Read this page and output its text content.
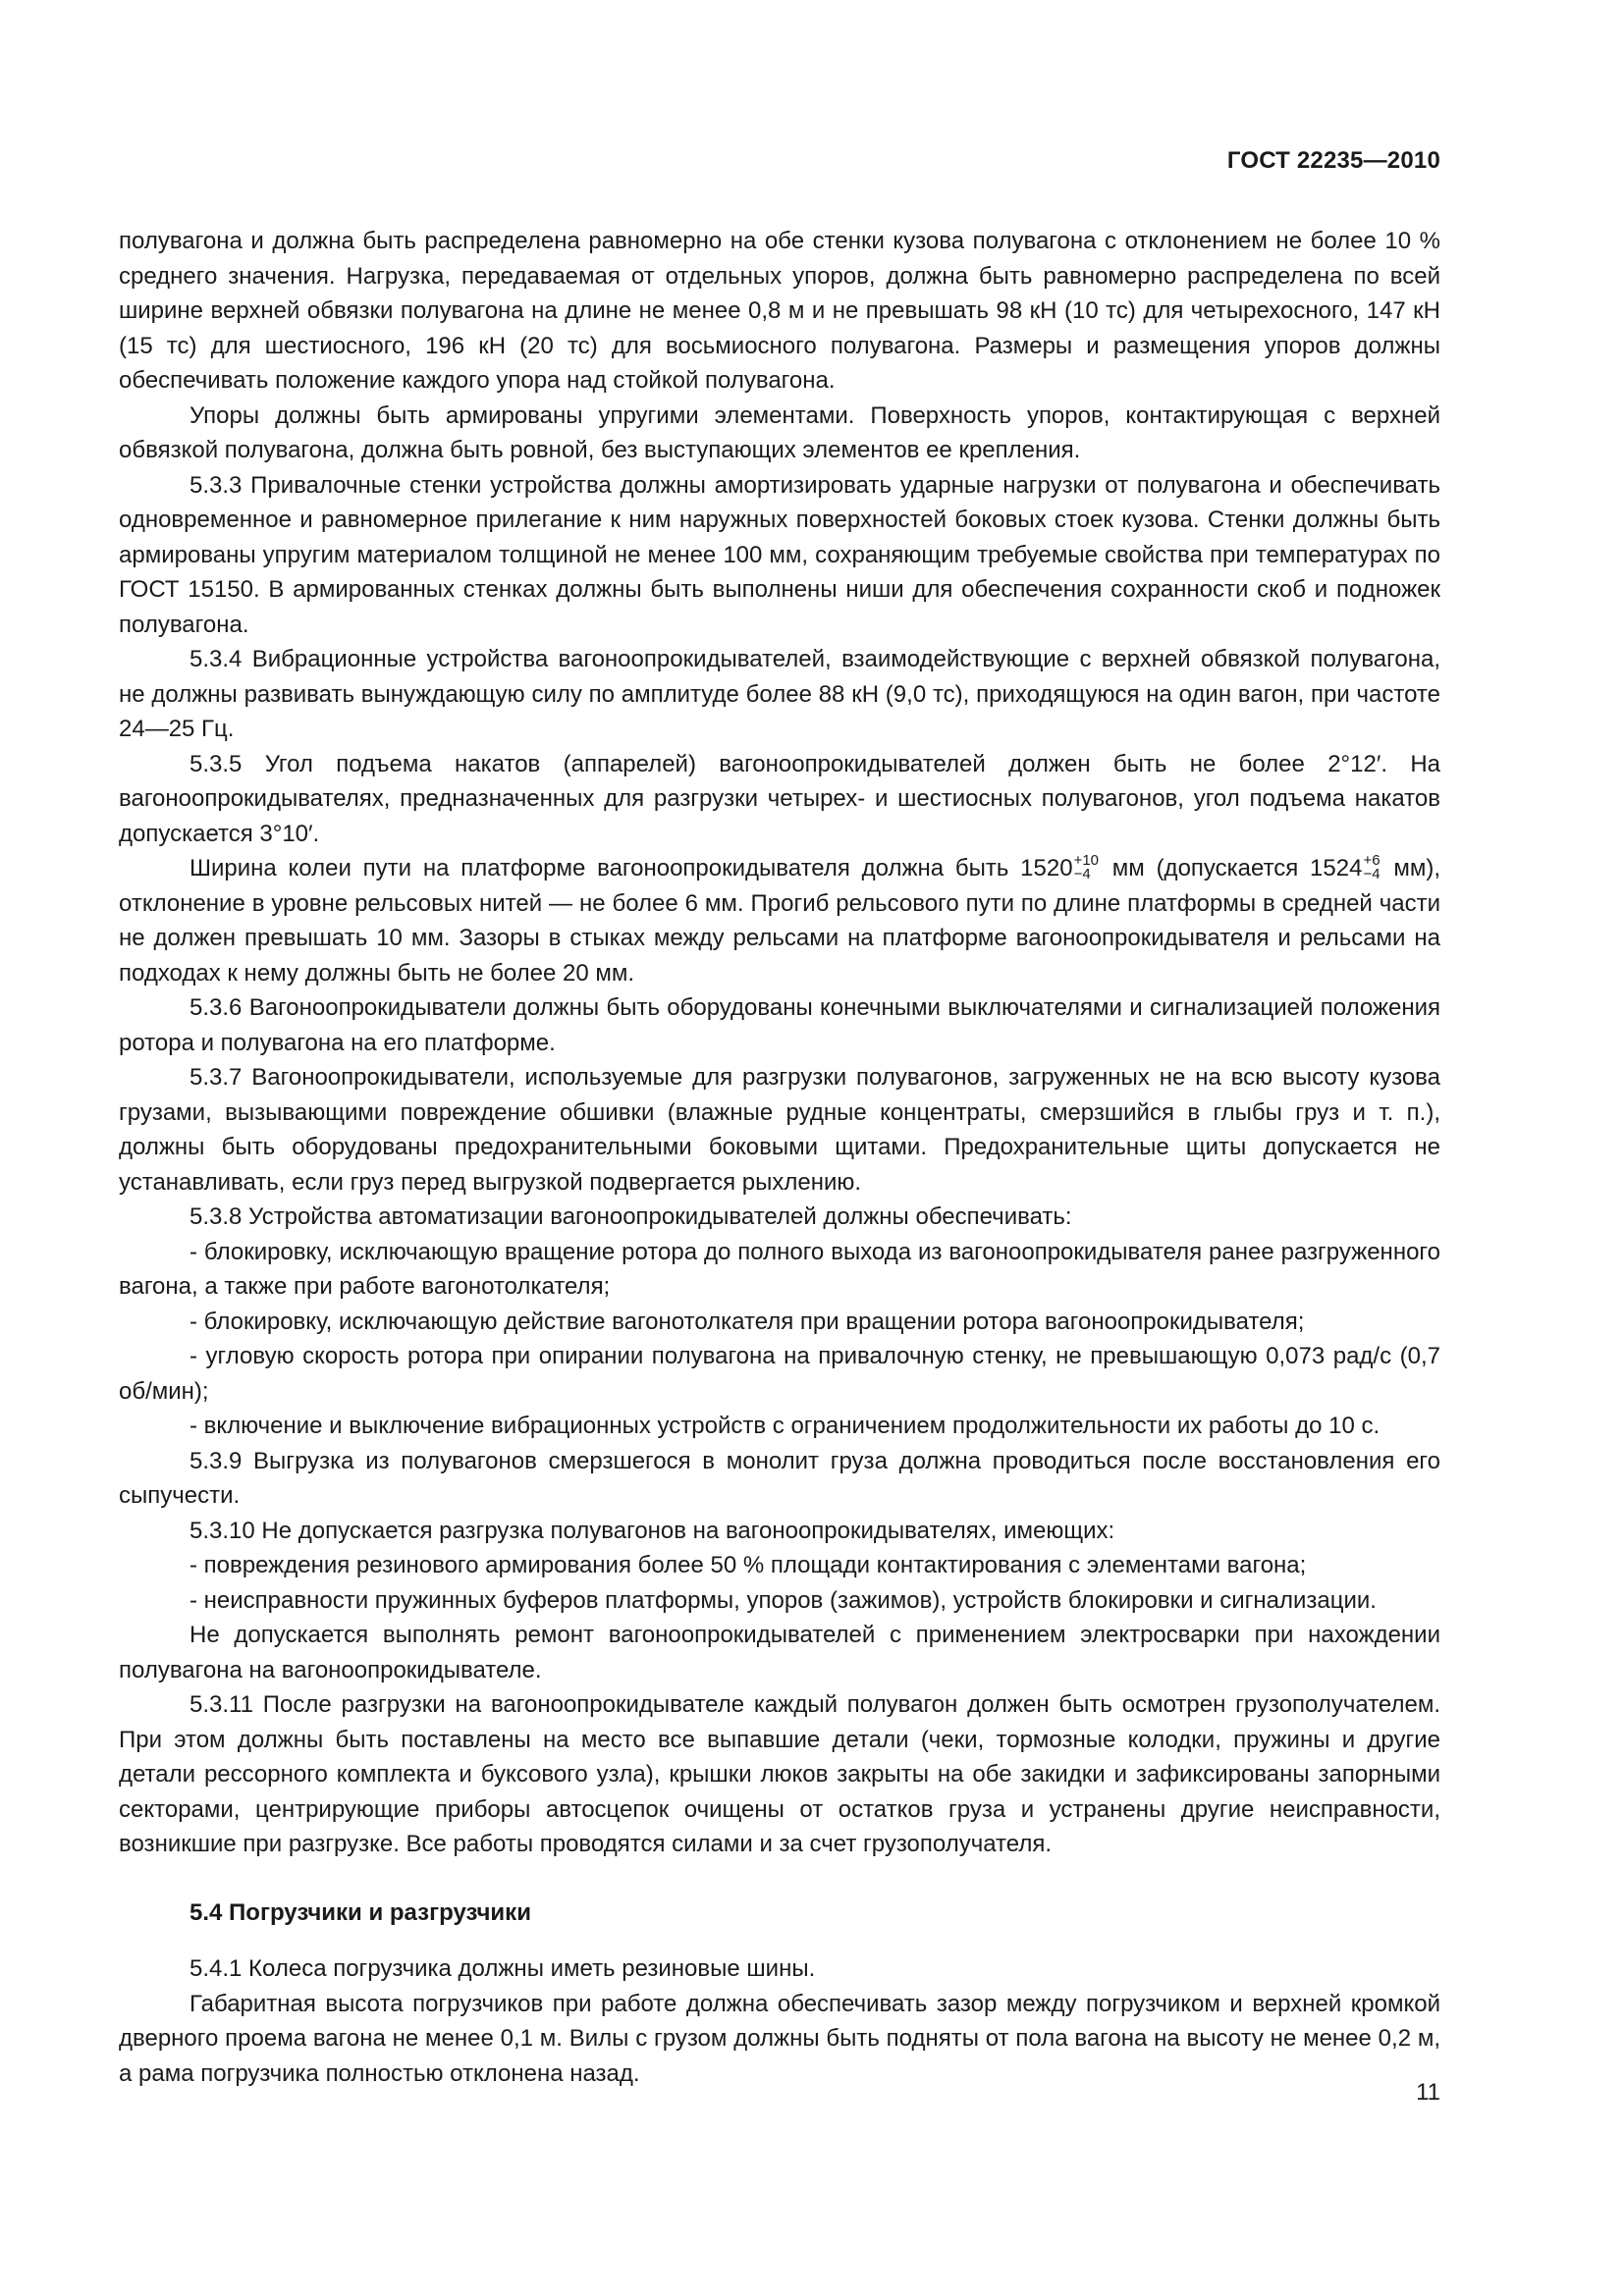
ГОСТ 22235—2010

полувагона и должна быть распределена равномерно на обе стенки кузова полувагона с отклонением не более 10 % среднего значения. Нагрузка, передаваемая от отдельных упоров, должна быть равномерно распределена по всей ширине верхней обвязки полувагона на длине не менее 0,8 м и не превышать 98 кН (10 тс) для четырехосного, 147 кН (15 тс) для шестиосного, 196 кН (20 тс) для восьмиосного полувагона. Размеры и размещения упоров должны обеспечивать положение каждого упора над стойкой полувагона.

Упоры должны быть армированы упругими элементами. Поверхность упоров, контактирующая с верхней обвязкой полувагона, должна быть ровной, без выступающих элементов ее крепления.

5.3.3 Привалочные стенки устройства должны амортизировать ударные нагрузки от полувагона и обеспечивать одновременное и равномерное прилегание к ним наружных поверхностей боковых стоек кузова. Стенки должны быть армированы упругим материалом толщиной не менее 100 мм, сохраняющим требуемые свойства при температурах по ГОСТ 15150. В армированных стенках должны быть выполнены ниши для обеспечения сохранности скоб и подножек полувагона.

5.3.4 Вибрационные устройства вагоноопрокидывателей, взаимодействующие с верхней обвязкой полувагона, не должны развивать вынуждающую силу по амплитуде более 88 кН (9,0 тс), приходящуюся на один вагон, при частоте 24—25 Гц.

5.3.5 Угол подъема накатов (аппарелей) вагоноопрокидывателей должен быть не более 2°12′. На вагоноопрокидывателях, предназначенных для разгрузки четырех- и шестиосных полувагонов, угол подъема накатов допускается 3°10′.

Ширина колеи пути на платформе вагоноопрокидывателя должна быть 1520 +10
−4 мм (допускается 1524 +6
−4 мм), отклонение в уровне рельсовых нитей — не более 6 мм. Прогиб рельсового пути по длине платформы в средней части не должен превышать 10 мм. Зазоры в стыках между рельсами на платформе вагоноопрокидывателя и рельсами на подходах к нему должны быть не более 20 мм.

5.3.6 Вагоноопрокидыватели должны быть оборудованы конечными выключателями и сигнализацией положения ротора и полувагона на его платформе.

5.3.7 Вагоноопрокидыватели, используемые для разгрузки полувагонов, загруженных не на всю высоту кузова грузами, вызывающими повреждение обшивки (влажные рудные концентраты, смерзшийся в глыбы груз и т. п.), должны быть оборудованы предохранительными боковыми щитами. Предохранительные щиты допускается не устанавливать, если груз перед выгрузкой подвергается рыхлению.

5.3.8 Устройства автоматизации вагоноопрокидывателей должны обеспечивать:

- блокировку, исключающую вращение ротора до полного выхода из вагоноопрокидывателя ранее разгруженного вагона, а также при работе вагонотолкателя;

- блокировку, исключающую действие вагонотолкателя при вращении ротора вагоноопрокидывателя;

- угловую скорость ротора при опирании полувагона на привалочную стенку, не превышающую 0,073 рад/с (0,7 об/мин);

- включение и выключение вибрационных устройств с ограничением продолжительности их работы до 10 с.

5.3.9 Выгрузка из полувагонов смерзшегося в монолит груза должна проводиться после восстановления его сыпучести.

5.3.10 Не допускается разгрузка полувагонов на вагоноопрокидывателях, имеющих:

- повреждения резинового армирования более 50 % площади контактирования с элементами вагона;

- неисправности пружинных буферов платформы, упоров (зажимов), устройств блокировки и сигнализации.

Не допускается выполнять ремонт вагоноопрокидывателей с применением электросварки при нахождении полувагона на вагоноопрокидывателе.

5.3.11 После разгрузки на вагоноопрокидывателе каждый полувагон должен быть осмотрен грузополучателем. При этом должны быть поставлены на место все выпавшие детали (чеки, тормозные колодки, пружины и другие детали рессорного комплекта и буксового узла), крышки люков закрыты на обе закидки и зафиксированы запорными секторами, центрирующие приборы автосцепок очищены от остатков груза и устранены другие неисправности, возникшие при разгрузке. Все работы проводятся силами и за счет грузополучателя.

5.4 Погрузчики и разгрузчики

5.4.1 Колеса погрузчика должны иметь резиновые шины.

Габаритная высота погрузчиков при работе должна обеспечивать зазор между погрузчиком и верхней кромкой дверного проема вагона не менее 0,1 м. Вилы с грузом должны быть подняты от пола вагона на высоту не менее 0,2 м, а рама погрузчика полностью отклонена назад.

11
